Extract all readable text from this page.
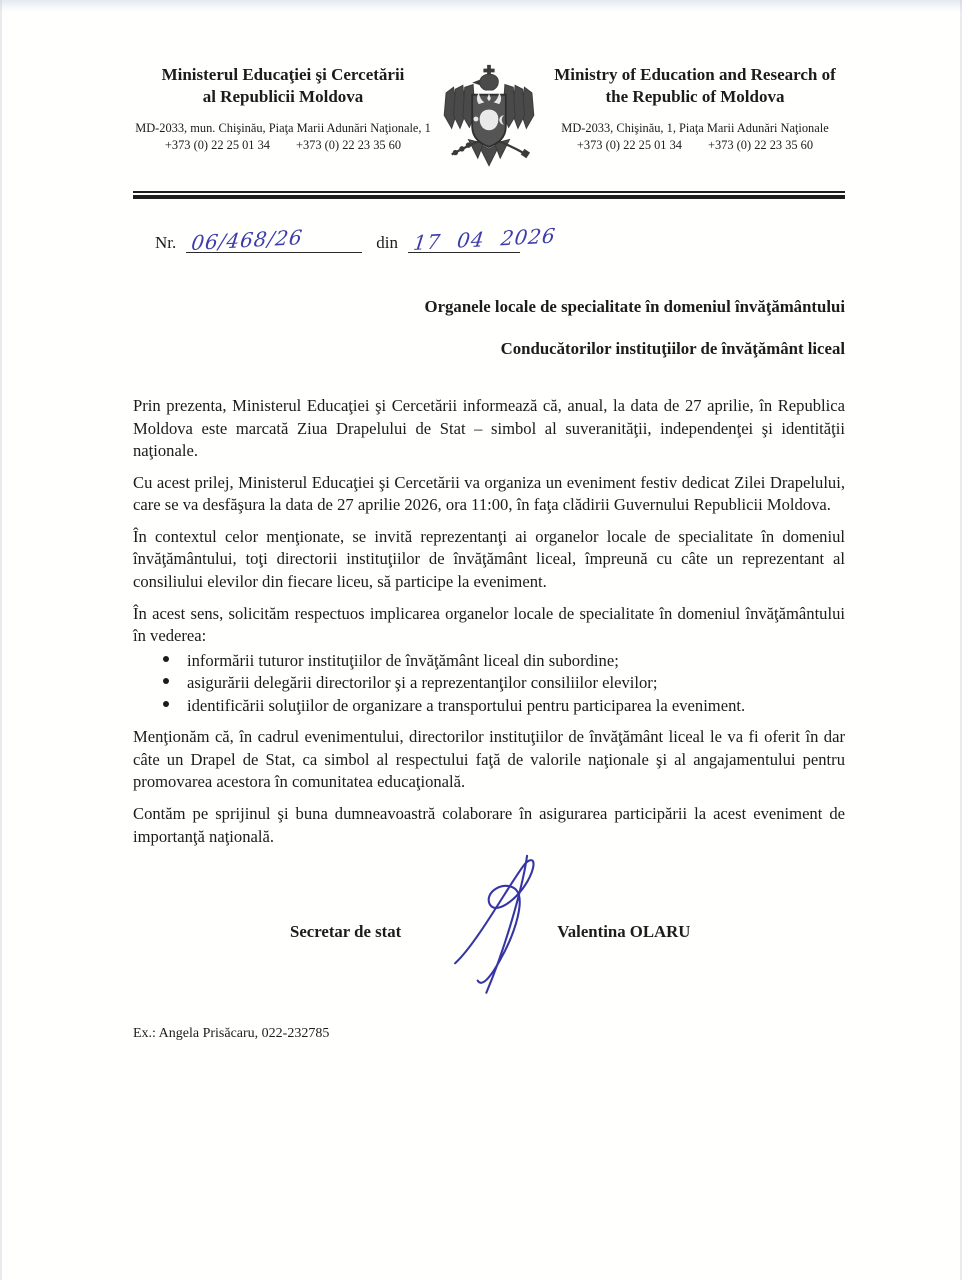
Ministerul Educaţiei şi Cercetării
al Republicii Moldova
MD-2033, mun. Chişinău, Piaţa Marii Adunări Naţionale, 1
+373 (0) 22 25 01 34 +373 (0) 22 23 35 60
Ministry of Education and Research of
the Republic of Moldova
MD-2033, Chişinău, 1, Piaţa Marii Adunări Naţionale
+373 (0) 22 25 01 34 +373 (0) 22 23 35 60
Nr. 06/468/26	din 17 04 2026
Organele locale de specialitate în domeniul învăţământului
Conducătorilor instituţiilor de învăţământ liceal

Prin prezenta, Ministerul Educaţiei şi Cercetării informează că, anual, la data de 27 aprilie, în Republica Moldova este marcată Ziua Drapelului de Stat – simbol al suveranităţii, independenţei şi identităţii naţionale.

Cu acest prilej, Ministerul Educaţiei şi Cercetării va organiza un eveniment festiv dedicat Zilei Drapelului, care se va desfăşura la data de 27 aprilie 2026, ora 11:00, în faţa clădirii Guvernului Republicii Moldova.

În contextul celor menţionate, se invită reprezentanţi ai organelor locale de specialitate în domeniul învăţământului, toţi directorii instituţiilor de învăţământ liceal, împreună cu câte un reprezentant al consiliului elevilor din fiecare liceu, să participe la eveniment.

În acest sens, solicităm respectuos implicarea organelor locale de specialitate în domeniul învăţământului în vederea:

informării tuturor instituţiilor de învăţământ liceal din subordine;
asigurării delegării directorilor şi a reprezentanţilor consiliilor elevilor;
identificării soluţiilor de organizare a transportului pentru participarea la eveniment.

Menţionăm că, în cadrul evenimentului, directorilor instituţiilor de învăţământ liceal le va fi oferit în dar câte un Drapel de Stat, ca simbol al respectului faţă de valorile naţionale şi al angajamentului pentru promovarea acestora în comunitatea educaţională.

Contăm pe sprijinul şi buna dumneavoastră colaborare în asigurarea participării la acest eveniment de importanţă naţională.

Secretar de stat	Valentina OLARU
Ex.: Angela Prisăcaru, 022-232785
